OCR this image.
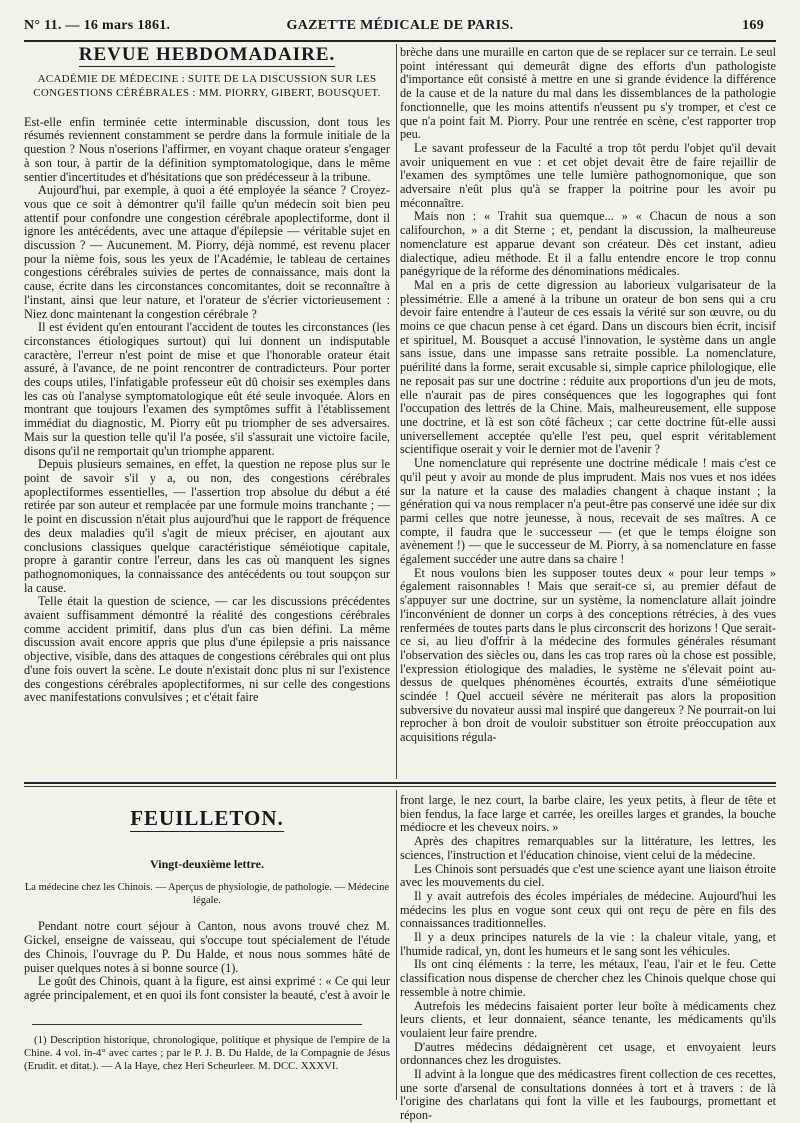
N° 11. — 16 mars 1861.	GAZETTE MÉDICALE DE PARIS.	169
REVUE HEBDOMADAIRE.
ACADÉMIE DE MÉDECINE : SUITE DE LA DISCUSSION SUR LES CONGESTIONS CÉRÉBRALES : MM. PIORRY, GIBERT, BOUSQUET.

Est-elle enfin terminée cette interminable discussion, dont tous les résumés reviennent constamment se perdre dans la formule initiale de la question ? Nous n'oserions l'affirmer, en voyant chaque orateur s'engager à son tour, à partir de la définition symptomatologique, dans le même sentier d'incertitudes et d'hésitations que son prédécesseur à la tribune.

Aujourd'hui, par exemple, à quoi a été employée la séance ? Croyez-vous que ce soit à démontrer qu'il faille qu'un médecin soit bien peu attentif pour confondre une congestion cérébrale apoplectiforme, dont il ignore les antécédents, avec une attaque d'épilepsie — véritable sujet en discussion ? — Aucunement. M. Piorry, déjà nommé, est revenu placer pour la nième fois, sous les yeux de l'Académie, le tableau de certaines congestions cérébrales suivies de pertes de connaissance, mais dont la cause, écrite dans les circonstances concomitantes, doit se reconnaître à l'instant, ainsi que leur nature, et l'orateur de s'écrier victorieusement : Niez donc maintenant la congestion cérébrale ?

Il est évident qu'en entourant l'accident de toutes les circonstances (les circonstances étiologiques surtout) qui lui donnent un indisputable caractère, l'erreur n'est point de mise et que l'honorable orateur était assuré, à l'avance, de ne point rencontrer de contradicteurs. Pour porter des coups utiles, l'infatigable professeur eût dû choisir ses exemples dans les cas où l'analyse symptomatologique eût été seule invoquée. Alors en montrant que toujours l'examen des symptômes suffit à l'établissement immédiat du diagnostic, M. Piorry eût pu triompher de ses adversaires. Mais sur la question telle qu'il l'a posée, s'il s'assurait une victoire facile, disons qu'il ne remportait qu'un triomphe apparent.

Depuis plusieurs semaines, en effet, la question ne repose plus sur le point de savoir s'il y a, ou non, des congestions cérébrales apoplectiformes essentielles, — l'assertion trop absolue du début a été retirée par son auteur et remplacée par une formule moins tranchante ; — le point en discussion n'était plus aujourd'hui que le rapport de fréquence des deux maladies qu'il s'agit de mieux préciser, en ajoutant aux conclusions classiques quelque caractéristique séméiotique capitale, propre à garantir contre l'erreur, dans les cas où manquent les signes pathognomoniques, la connaissance des antécédents ou tout soupçon sur la cause.

Telle était la question de science, — car les discussions précédentes avaient suffisamment démontré la réalité des congestions cérébrales comme accident primitif, dans plus d'un cas bien défini. La même discussion avait encore appris que plus d'une épilepsie a pris naissance objective, visible, dans des attaques de congestions cérébrales qui ont plus d'une fois ouvert la scène. Le doute n'existait donc plus ni sur l'existence des congestions cérébrales apoplectiformes, ni sur celle des congestions avec manifestations convulsives ; et c'était faire

brèche dans une muraille en carton que de se replacer sur ce terrain. Le seul point intéressant qui demeurât digne des efforts d'un pathologiste d'importance eût consisté à mettre en une si grande évidence la différence de la cause et de la nature du mal dans les dissemblances de la pathologie fonctionnelle, que les moins attentifs n'eussent pu s'y tromper, et c'est ce que n'a point fait M. Piorry. Pour une rentrée en scène, c'est rapporter trop peu.

Le savant professeur de la Faculté a trop tôt perdu l'objet qu'il devait avoir uniquement en vue : et cet objet devait être de faire rejaillir de l'examen des symptômes une telle lumière pathognomonique, que son adversaire n'eût plus qu'à se frapper la poitrine pour les avoir pu méconnaître.

Mais non : « Trahit sua quemque... » « Chacun de nous a son califourchon, » a dit Sterne ; et, pendant la discussion, la malheureuse nomenclature est apparue devant son créateur. Dès cet instant, adieu dialectique, adieu méthode. Et il a fallu entendre encore le trop connu panégyrique de la réforme des dénominations médicales.

Mal en a pris de cette digression au laborieux vulgarisateur de la plessimétrie. Elle a amené à la tribune un orateur de bon sens qui a cru devoir faire entendre à l'auteur de ces essais la vérité sur son œuvre, ou du moins ce que chacun pense à cet égard. Dans un discours bien écrit, incisif et spirituel, M. Bousquet a accusé l'innovation, le système dans un angle sans issue, dans une impasse sans retraite possible. La nomenclature, puérilité dans la forme, serait excusable si, simple caprice philologique, elle ne reposait pas sur une doctrine : réduite aux proportions d'un jeu de mots, elle n'aurait pas de pires conséquences que les logographes qui font l'occupation des lettrés de la Chine. Mais, malheureusement, elle suppose une doctrine, et là est son côté fâcheux ; car cette doctrine fût-elle aussi universellement acceptée qu'elle l'est peu, quel esprit véritablement scientifique oserait y voir le dernier mot de l'avenir ?

Une nomenclature qui représente une doctrine médicale ! mais c'est ce qu'il peut y avoir au monde de plus imprudent. Mais nos vues et nos idées sur la nature et la cause des maladies changent à chaque instant ; la génération qui va nous remplacer n'a peut-être pas conservé une idée sur dix parmi celles que notre jeunesse, à nous, recevait de ses maîtres. A ce compte, il faudra que le successeur — (et que le temps éloigne son avènement !) — que le successeur de M. Piorry, à sa nomenclature en fasse également succéder une autre dans sa chaire !

Et nous voulons bien les supposer toutes deux « pour leur temps » également raisonnables ! Mais que serait-ce si, au premier défaut de s'appuyer sur une doctrine, sur un système, la nomenclature allait joindre l'inconvénient de donner un corps à des conceptions rétrécies, à des vues renfermées de toutes parts dans le plus circonscrit des horizons ! Que serait-ce si, au lieu d'offrir à la médecine des formules générales résumant l'observation des siècles ou, dans les cas trop rares où la chose est possible, l'expression étiologique des maladies, le système ne s'élevait point au-dessus de quelques phénomènes écourtés, extraits d'une séméiotique scindée ! Quel accueil sévère ne mériterait pas alors la proposition subversive du novateur aussi mal inspiré que dangereux ? Ne pourrait-on lui reprocher à bon droit de vouloir substituer son étroite préoccupation aux acquisitions régula-

FEUILLETON.
Vingt-deuxième lettre.
La médecine chez les Chinois. — Aperçus de physiologie, de pathologie. — Médecine légale.

Pendant notre court séjour à Canton, nous avons trouvé chez M. Gickel, enseigne de vaisseau, qui s'occupe tout spécialement de l'étude des Chinois, l'ouvrage du P. Du Halde, et nous nous sommes hâté de puiser quelques notes à si bonne source (1).

Le goût des Chinois, quant à la figure, est ainsi exprimé : « Ce qui leur agrée principalement, et en quoi ils font consister la beauté, c'est à avoir le

(1) Description historique, chronologique, politique et physique de l'empire de la Chine. 4 vol. in-4° avec cartes ; par le P. J. B. Du Halde, de la Compagnie de Jésus (Erudit. et ditat.). — A la Haye, chez Heri Scheurleer. M. DCC. XXXVI.

front large, le nez court, la barbe claire, les yeux petits, à fleur de tête et bien fendus, la face large et carrée, les oreilles larges et grandes, la bouche médiocre et les cheveux noirs. »

Après des chapitres remarquables sur la littérature, les lettres, les sciences, l'instruction et l'éducation chinoise, vient celui de la médecine.

Les Chinois sont persuadés que c'est une science ayant une liaison étroite avec les mouvements du ciel.

Il y avait autrefois des écoles impériales de médecine. Aujourd'hui les médecins les plus en vogue sont ceux qui ont reçu de père en fils des connaissances traditionnelles.

Il y a deux principes naturels de la vie : la chaleur vitale, yang, et l'humide radical, yn, dont les humeurs et le sang sont les véhicules.

Ils ont cinq éléments : la terre, les métaux, l'eau, l'air et le feu. Cette classification nous dispense de chercher chez les Chinois quelque chose qui ressemble à notre chimie.

Autrefois les médecins faisaient porter leur boîte à médicaments chez leurs clients, et leur donnaient, séance tenante, les médicaments qu'ils voulaient leur faire prendre.

D'autres médecins dédaignèrent cet usage, et envoyaient leurs ordonnances chez les droguistes.

Il advint à la longue que des médicastres firent collection de ces recettes, une sorte d'arsenal de consultations données à tort et à travers : de là l'origine des charlatans qui font la ville et les faubourgs, promettant et répon-
